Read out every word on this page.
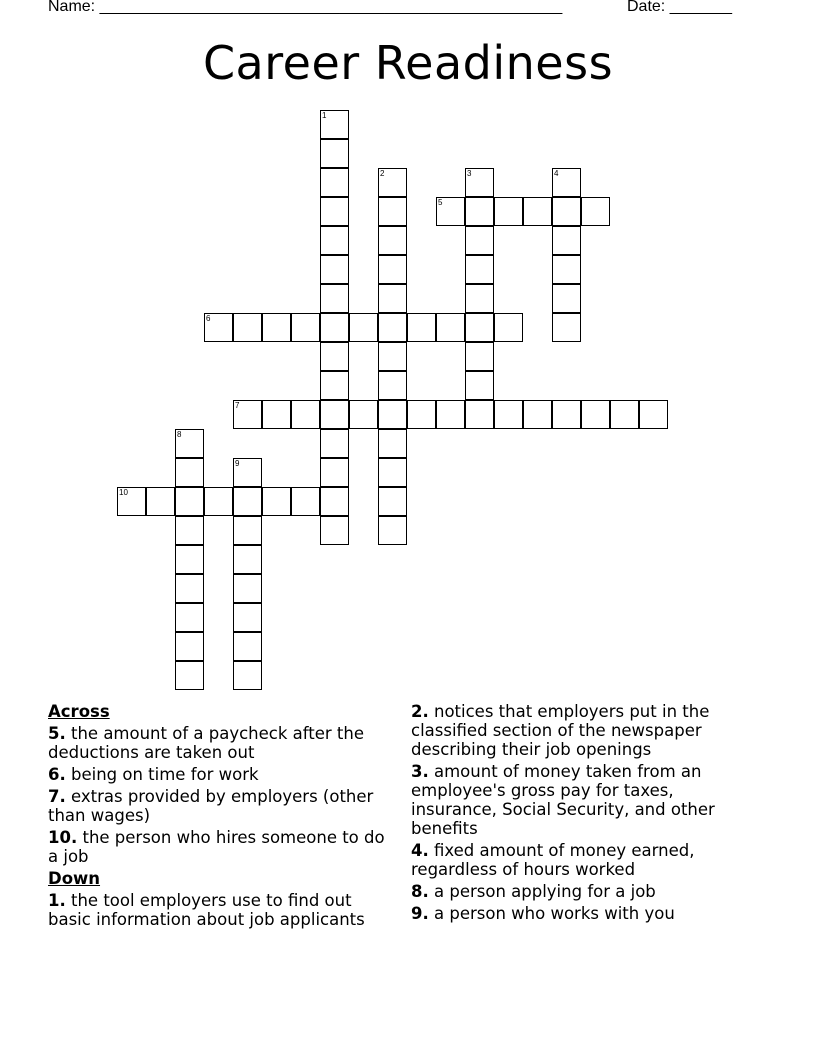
Name: ____________________________________________________	Date: _______
Career Readiness
1
2	3	4
5
6
7
8
9
10
Across
5. the amount of a paycheck after the deductions are taken out
6. being on time for work
7. extras provided by employers (other than wages)
10. the person who hires someone to do a job
Down
1. the tool employers use to find out basic information about job applicants
2. notices that employers put in the classified section of the newspaper describing their job openings
3. amount of money taken from an employee's gross pay for taxes, insurance, Social Security, and other benefits
4. fixed amount of money earned, regardless of hours worked
8. a person applying for a job
9. a person who works with you
